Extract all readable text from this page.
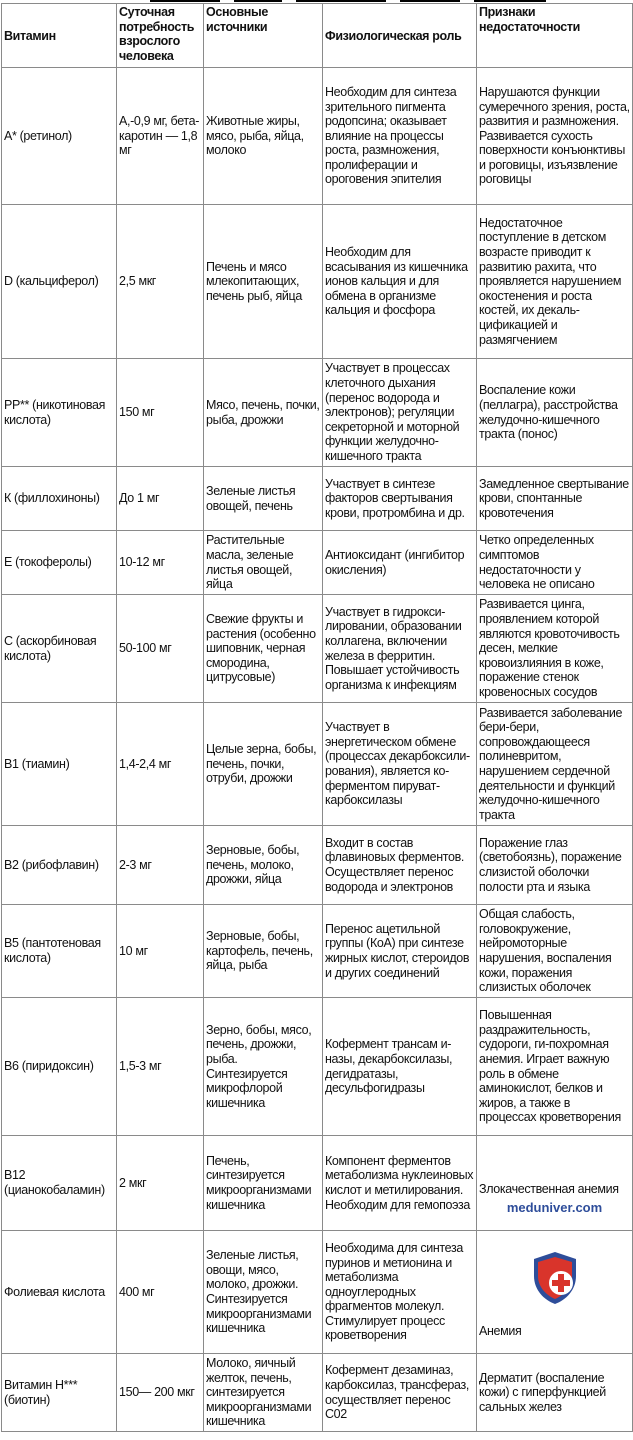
Витамин	Суточная потребность взрослого человека	Основные источники	Физиологическая роль	Признаки недостаточности
А* (ретинол)	А,-0,9 мг, бета-каротин — 1,8 мг	Животные жиры, мясо, рыба, яйца, молоко	Необходим для синтеза зрительного пигмента родопсина; оказывает влияние на процессы роста, размножения, пролиферации и ороговения эпителия	Нарушаются функции сумеречного зрения, роста, развития и размножения. Развивается сухость поверхности конъюнктивы и роговицы, изъязвление роговицы
D (кальциферол)	2,5 мкг	Печень и мясо млекопитающих, печень рыб, яйца	Необходим для всасывания из кишечника ионов кальция и для обмена в организме кальция и фосфора	Недостаточное поступление в детском возрасте приводит к развитию рахита, что проявляется нарушением окостенения и роста костей, их декаль-цификацией и размягчением
РР** (никотиновая кислота)	150 мг	Мясо, печень, почки, рыба, дрожжи	Участвует в процессах клеточного дыхания (перенос водорода и электронов); регуляции секреторной и моторной функции желудочно-кишечного тракта	Воспаление кожи (пеллагра), расстройства желудочно-кишечного тракта (понос)
К (филлохиноны)	До 1 мг	Зеленые листья овощей, печень	Участвует в синтезе факторов свертывания крови, протромбина и др.	Замедленное свертывание крови, спонтанные кровотечения
Е (токоферолы)	10-12 мг	Растительные масла, зеленые листья овощей, яйца	Антиоксидант (ингибитор окисления)	Четко определенных симптомов недостаточности у человека не описано
С (аскорбиновая кислота)	50-100 мг	Свежие фрукты и растения (особенно шиповник, черная смородина, цитрусовые)	Участвует в гидрокси-лировании, образовании коллагена, включении железа в ферритин. Повышает устойчивость организма к инфекциям	Развивается цинга, проявлением которой являются кровоточивость десен, мелкие кровоизлияния в коже, поражение стенок кровеносных сосудов
В1 (тиамин)	1,4-2,4 мг	Целые зерна, бобы, печень, почки, отруби, дрожжи	Участвует в энергетическом обмене (процессах декарбоксили-рования), является ко-ферментом пируват-карбоксилазы	Развивается заболевание бери-бери, сопровождающееся полиневритом, нарушением сердечной деятельности и функций желудочно-кишечного тракта
В2 (рибофлавин)	2-3 мг	Зерновые, бобы, печень, молоко, дрожжи, яйца	Входит в состав флавиновых ферментов. Осуществляет перенос водорода и электронов	Поражение глаз (светобоязнь), поражение слизистой оболочки полости рта и языка
В5 (пантотеновая кислота)	10 мг	Зерновые, бобы, картофель, печень, яйца, рыба	Перенос ацетильной группы (КоА) при синтезе жирных кислот, стероидов и других соединений	Общая слабость, головокружение, нейромоторные нарушения, воспаления кожи, поражения слизистых оболочек
В6 (пиридоксин)	1,5-3 мг	Зерно, бобы, мясо, печень, дрожжи, рыба. Синтезируется микрофлорой кишечника	Кофермент трансам и-назы, декарбоксилазы, дегидратазы, десульфогидразы	Повышенная раздражительность, судороги, ги-похромная анемия. Играет важную роль в обмене аминокислот, белков и жиров, а также в процессах кроветворения
В12 (цианокобаламин)	2 мкг	Печень, синтезируется микроорганизмами кишечника	Компонент ферментов метаболизма нуклеиновых кислот и метилирования. Необходим для гемопоэза	Злокачественная анемия
meduniver.com

Фолиевая кислота	400 мг	Зеленые листья, овощи, мясо, молоко, дрожжи. Синтезируется микроорганизмами кишечника	Необходима для синтеза пуринов и метионина и метаболизма одноуглеродных фрагментов молекул. Стимулирует процесс кроветворения	Анемия

Витамин Н*** (биотин)	150— 200 мкг	Молоко, яичный желток, печень, синтезируется микроорганизмами кишечника	Кофермент дезаминаз, карбоксилаз, трансфераз, осуществляет перенос С02	Дерматит (воспаление кожи) с гиперфункцией сальных желез
